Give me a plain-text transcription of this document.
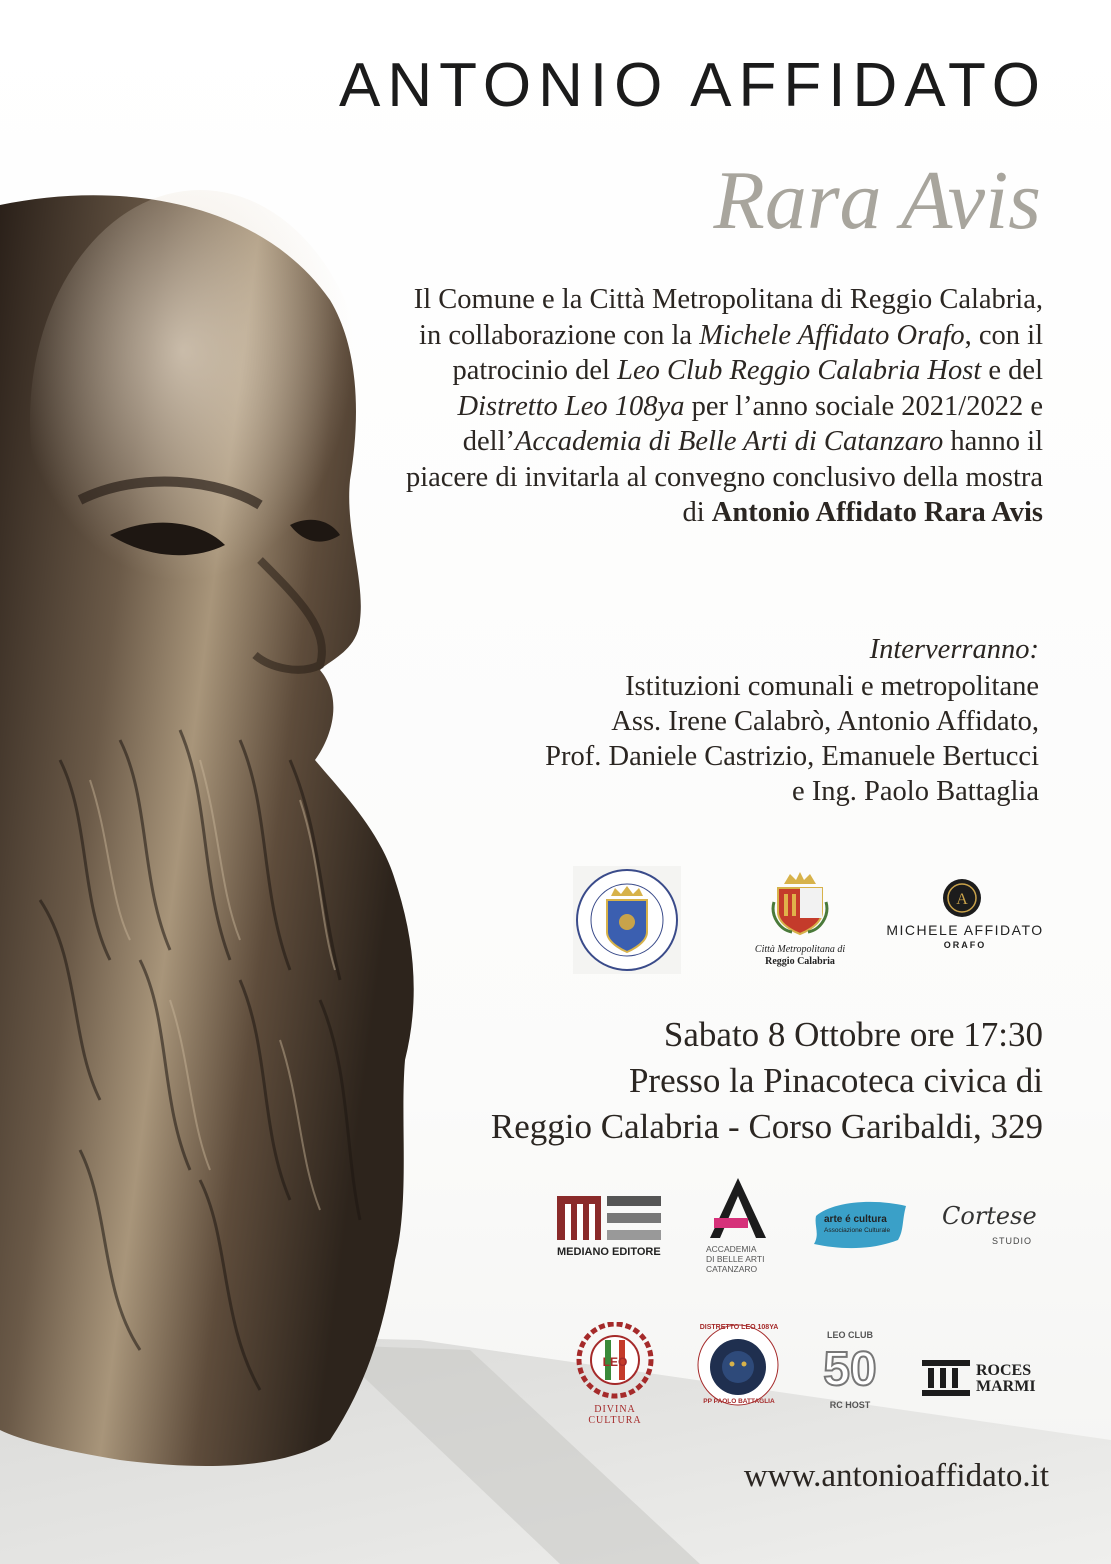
ANTONIO AFFIDATO
Rara Avis

Il Comune e la Città Metropolitana di Reggio Calabria, in collaborazione con la Michele Affidato Orafo, con il patrocinio del Leo Club Reggio Calabria Host e del Distretto Leo 108ya per l’anno sociale 2021/2022 e dell’Accademia di Belle Arti di Catanzaro hanno il piacere di invitarla al convegno conclusivo della mostra di Antonio Affidato Rara Avis

Interverranno:
Istituzioni comunali e metropolitane
Ass. Irene Calabrò, Antonio Affidato,
Prof. Daniele Castrizio, Emanuele Bertucci
e Ing. Paolo Battaglia
Città Metropolitana di
Reggio Calabria
A
MICHELE AFFIDATO
ORAFO
Sabato 8 Ottobre ore 17:30
Presso la Pinacoteca civica di
Reggio Calabria - Corso Garibaldi, 329
MEDIANO EDITORE	ACCADEMIA
DI BELLE ARTI
CATANZARO
arte é cultura
Associazione Culturale
Cortese
STUDIO
LEO
DIVINA
CULTURA
DISTRETTO LEO 108YA
PP PAOLO BATTAGLIA
LEO CLUB
50
RC HOST
ROCES
MARMI

www.antonioaffidato.it
